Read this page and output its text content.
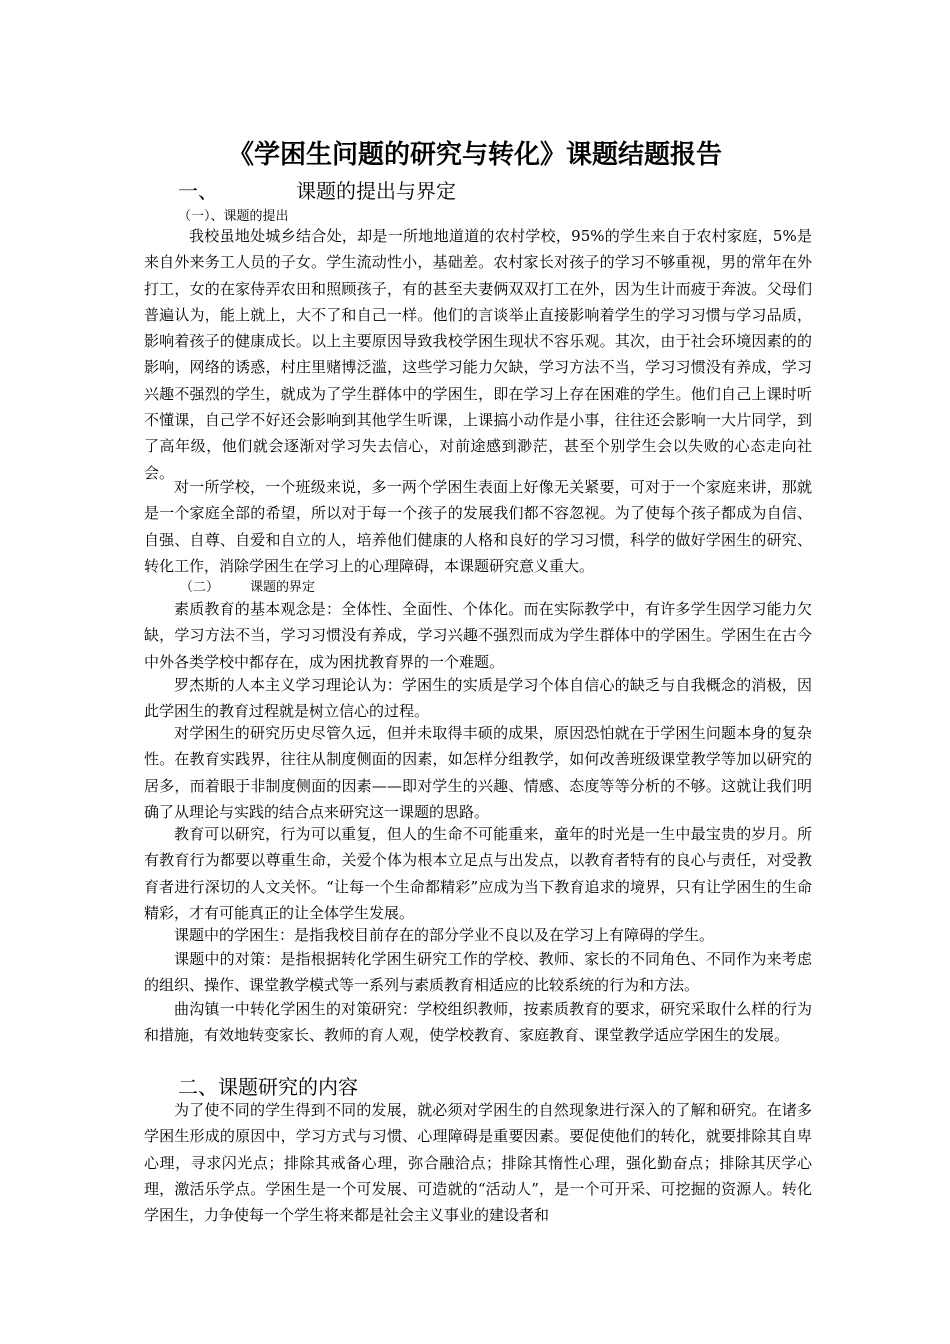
《学困生问题的研究与转化》课题结题报告
一、	课题的提出与界定
（一）、课题的提出

我校虽地处城乡结合处，却是一所地地道道的农村学校，95%的学生来自于农村家庭，5%是来自外来务工人员的子女。学生流动性小，基础差。农村家长对孩子的学习不够重视，男的常年在外打工，女的在家侍弄农田和照顾孩子，有的甚至夫妻俩双双打工在外，因为生计而疲于奔波。父母们普遍认为，能上就上，大不了和自己一样。他们的言谈举止直接影响着学生的学习习惯与学习品质，影响着孩子的健康成长。以上主要原因导致我校学困生现状不容乐观。其次，由于社会环境因素的的影响，网络的诱惑，村庄里赌博泛滥，这些学习能力欠缺，学习方法不当，学习习惯没有养成，学习兴趣不强烈的学生，就成为了学生群体中的学困生，即在学习上存在困难的学生。他们自己上课时听不懂课，自己学不好还会影响到其他学生听课，上课搞小动作是小事，往往还会影响一大片同学，到了高年级，他们就会逐渐对学习失去信心，对前途感到渺茫，甚至个别学生会以失败的心态走向社会。

对一所学校，一个班级来说，多一两个学困生表面上好像无关紧要，可对于一个家庭来讲，那就是一个家庭全部的希望，所以对于每一个孩子的发展我们都不容忽视。为了使每个孩子都成为自信、自强、自尊、自爱和自立的人，培养他们健康的人格和良好的学习习惯，科学的做好学困生的研究、转化工作，消除学困生在学习上的心理障碍，本课题研究意义重大。

（二） 课题的界定

素质教育的基本观念是：全体性、全面性、个体化。而在实际教学中，有许多学生因学习能力欠缺，学习方法不当，学习习惯没有养成，学习兴趣不强烈而成为学生群体中的学困生。学困生在古今中外各类学校中都存在，成为困扰教育界的一个难题。

罗杰斯的人本主义学习理论认为：学困生的实质是学习个体自信心的缺乏与自我概念的消极，因此学困生的教育过程就是树立信心的过程。

对学困生的研究历史尽管久远，但并未取得丰硕的成果，原因恐怕就在于学困生问题本身的复杂性。在教育实践界，往往从制度侧面的因素，如怎样分组教学，如何改善班级课堂教学等加以研究的居多，而着眼于非制度侧面的因素——即对学生的兴趣、情感、态度等等分析的不够。这就让我们明确了从理论与实践的结合点来研究这一课题的思路。

教育可以研究，行为可以重复，但人的生命不可能重来，童年的时光是一生中最宝贵的岁月。所有教育行为都要以尊重生命，关爱个体为根本立足点与出发点，以教育者特有的良心与责任，对受教育者进行深切的人文关怀。“让每一个生命都精彩”应成为当下教育追求的境界，只有让学困生的生命精彩，才有可能真正的让全体学生发展。

课题中的学困生：是指我校目前存在的部分学业不良以及在学习上有障碍的学生。

课题中的对策：是指根据转化学困生研究工作的学校、教师、家长的不同角色、不同作为来考虑的组织、操作、课堂教学模式等一系列与素质教育相适应的比较系统的行为和方法。

曲沟镇一中转化学困生的对策研究：学校组织教师，按素质教育的要求，研究采取什么样的行为和措施，有效地转变家长、教师的育人观，使学校教育、家庭教育、课堂教学适应学困生的发展。

二、课题研究的内容

为了使不同的学生得到不同的发展，就必须对学困生的自然现象进行深入的了解和研究。在诸多学困生形成的原因中，学习方式与习惯、心理障碍是重要因素。要促使他们的转化，就要排除其自卑心理，寻求闪光点；排除其戒备心理，弥合融洽点；排除其惰性心理，强化勤奋点；排除其厌学心理，激活乐学点。学困生是一个可发展、可造就的“活动人”，是一个可开采、可挖掘的资源人。转化学困生，力争使每一个学生将来都是社会主义事业的建设者和
